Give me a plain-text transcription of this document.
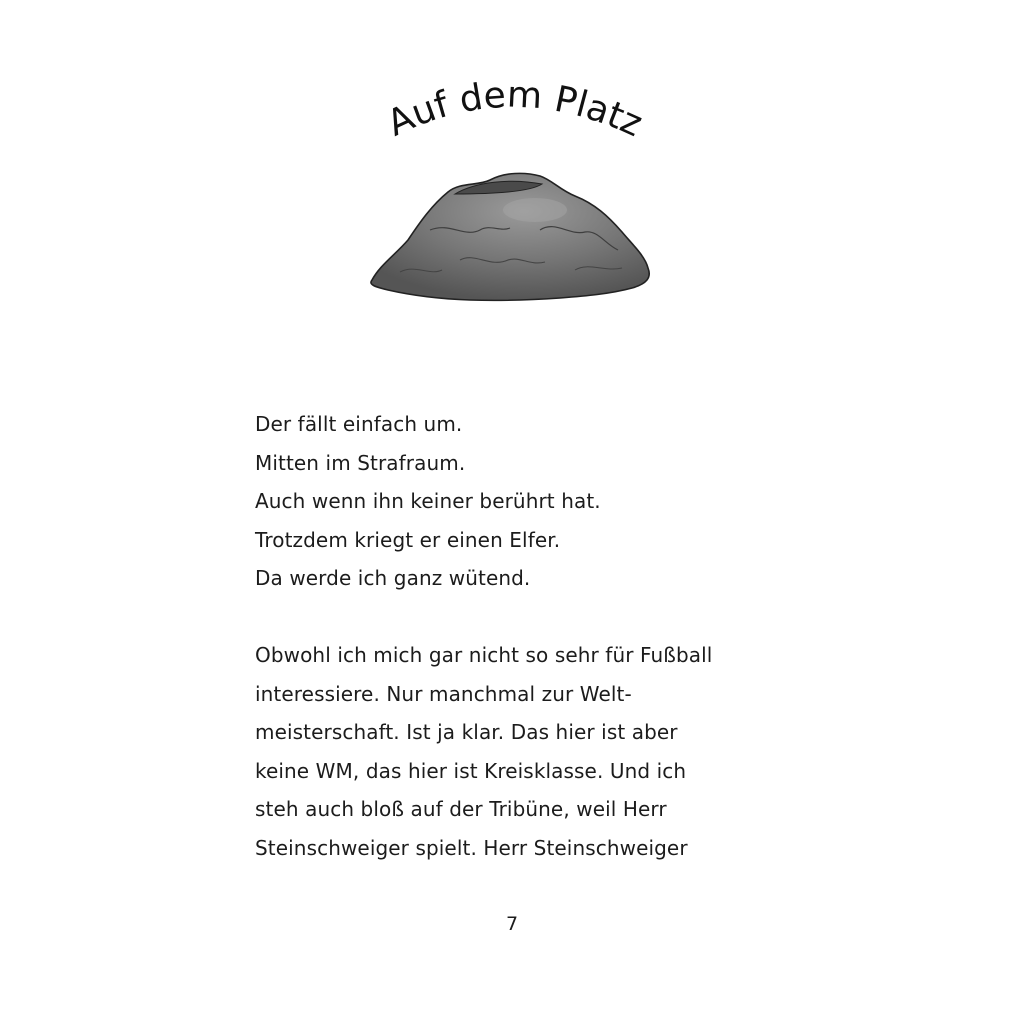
Auf dem Platz

Der fällt einfach um.
Mitten im Strafraum.
Auch wenn ihn keiner berührt hat.
Trotzdem kriegt er einen Elfer.
Da werde ich ganz wütend.

Obwohl ich mich gar nicht so sehr für Fußball
interessiere. Nur manchmal zur Welt-
meisterschaft. Ist ja klar. Das hier ist aber
keine WM, das hier ist Kreisklasse. Und ich
steh auch bloß auf der Tribüne, weil Herr
Steinschweiger spielt. Herr Steinschweiger

7
